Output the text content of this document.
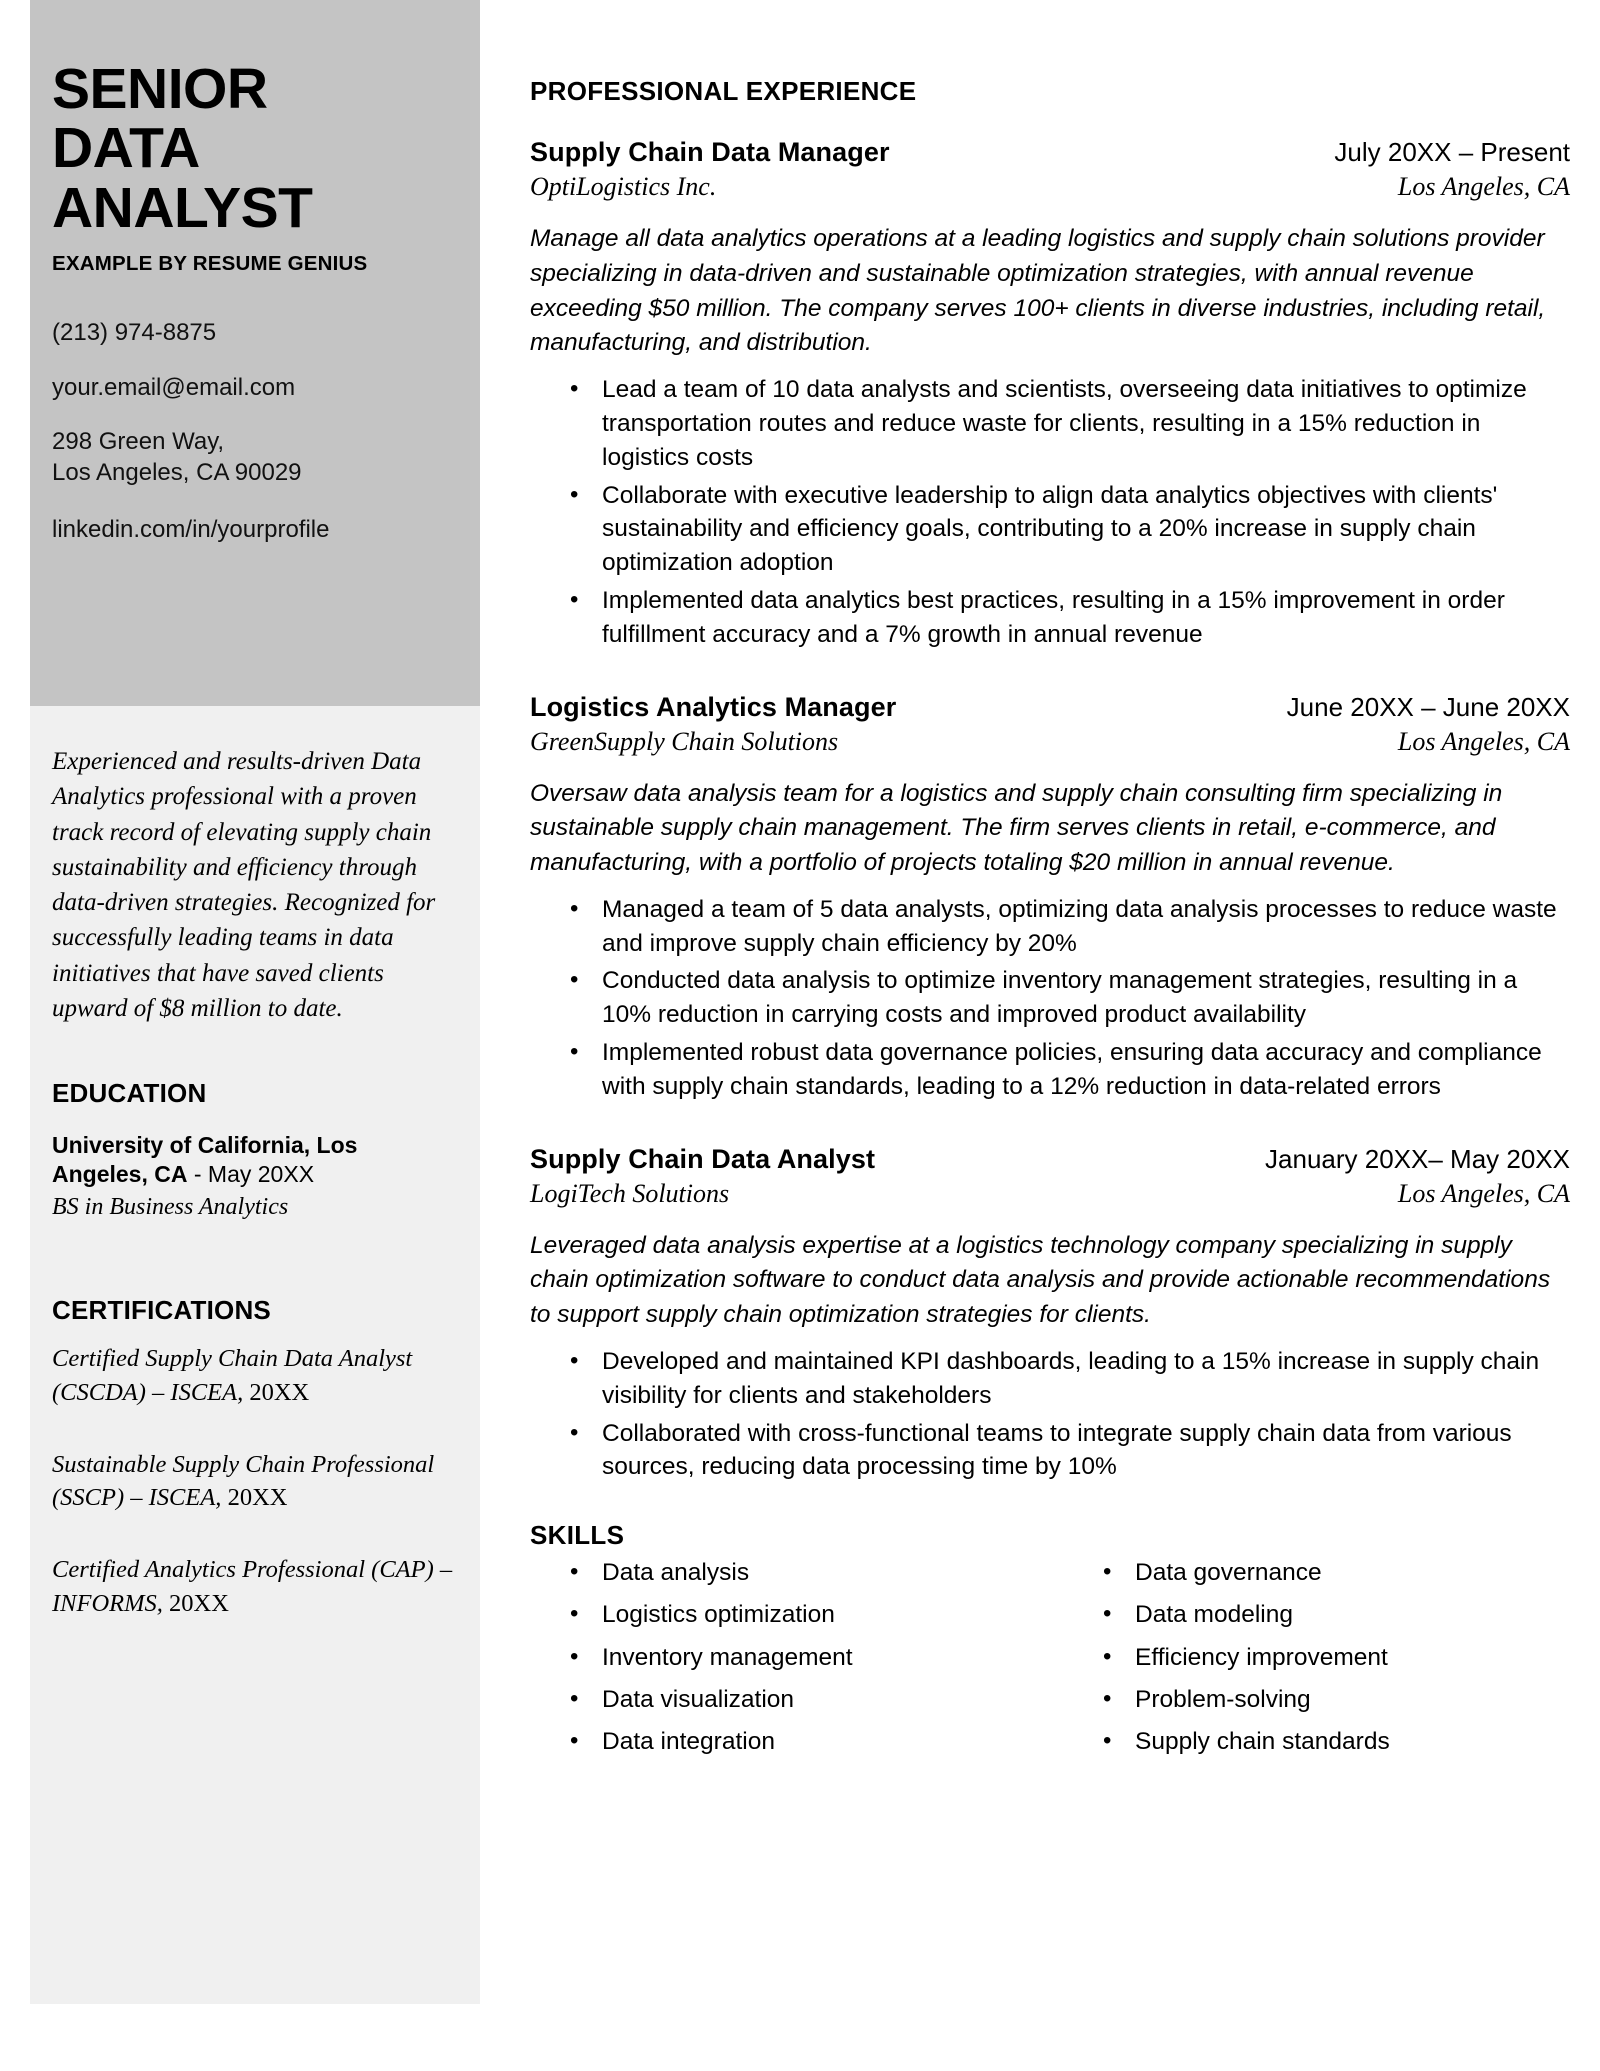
SENIOR
DATA
ANALYST
EXAMPLE BY RESUME GENIUS
(213) 974-8875
your.email@email.com
298 Green Way,
Los Angeles, CA 90029
linkedin.com/in/yourprofile

Experienced and results-driven Data Analytics professional with a proven track record of elevating supply chain sustainability and efficiency through data-driven strategies. Recognized for successfully leading teams in data initiatives that have saved clients upward of $8 million to date.

EDUCATION
University of California, Los Angeles, CA - May 20XX
BS in Business Analytics
CERTIFICATIONS
Certified Supply Chain Data Analyst (CSCDA) – ISCEA, 20XX
Sustainable Supply Chain Professional (SSCP) – ISCEA, 20XX
Certified Analytics Professional (CAP) – INFORMS, 20XX
PROFESSIONAL EXPERIENCE
Supply Chain Data Manager	July 20XX – Present
OptiLogistics Inc.	Los Angeles, CA

Manage all data analytics operations at a leading logistics and supply chain solutions provider specializing in data-driven and sustainable optimization strategies, with annual revenue exceeding $50 million. The company serves 100+ clients in diverse industries, including retail, manufacturing, and distribution.

• Lead a team of 10 data analysts and scientists, overseeing data initiatives to optimize transportation routes and reduce waste for clients, resulting in a 15% reduction in logistics costs
• Collaborate with executive leadership to align data analytics objectives with clients' sustainability and efficiency goals, contributing to a 20% increase in supply chain optimization adoption
• Implemented data analytics best practices, resulting in a 15% improvement in order fulfillment accuracy and a 7% growth in annual revenue
Logistics Analytics Manager	June 20XX – June 20XX
GreenSupply Chain Solutions	Los Angeles, CA

Oversaw data analysis team for a logistics and supply chain consulting firm specializing in sustainable supply chain management. The firm serves clients in retail, e-commerce, and manufacturing, with a portfolio of projects totaling $20 million in annual revenue.

• Managed a team of 5 data analysts, optimizing data analysis processes to reduce waste and improve supply chain efficiency by 20%
• Conducted data analysis to optimize inventory management strategies, resulting in a 10% reduction in carrying costs and improved product availability
• Implemented robust data governance policies, ensuring data accuracy and compliance with supply chain standards, leading to a 12% reduction in data-related errors
Supply Chain Data Analyst	January 20XX– May 20XX
LogiTech Solutions	Los Angeles, CA

Leveraged data analysis expertise at a logistics technology company specializing in supply chain optimization software to conduct data analysis and provide actionable recommendations to support supply chain optimization strategies for clients.

• Developed and maintained KPI dashboards, leading to a 15% increase in supply chain visibility for clients and stakeholders
• Collaborated with cross-functional teams to integrate supply chain data from various sources, reducing data processing time by 10%
SKILLS
• Data analysis
• Logistics optimization
• Inventory management
• Data visualization
• Data integration
• Data governance
• Data modeling
• Efficiency improvement
• Problem-solving
• Supply chain standards
